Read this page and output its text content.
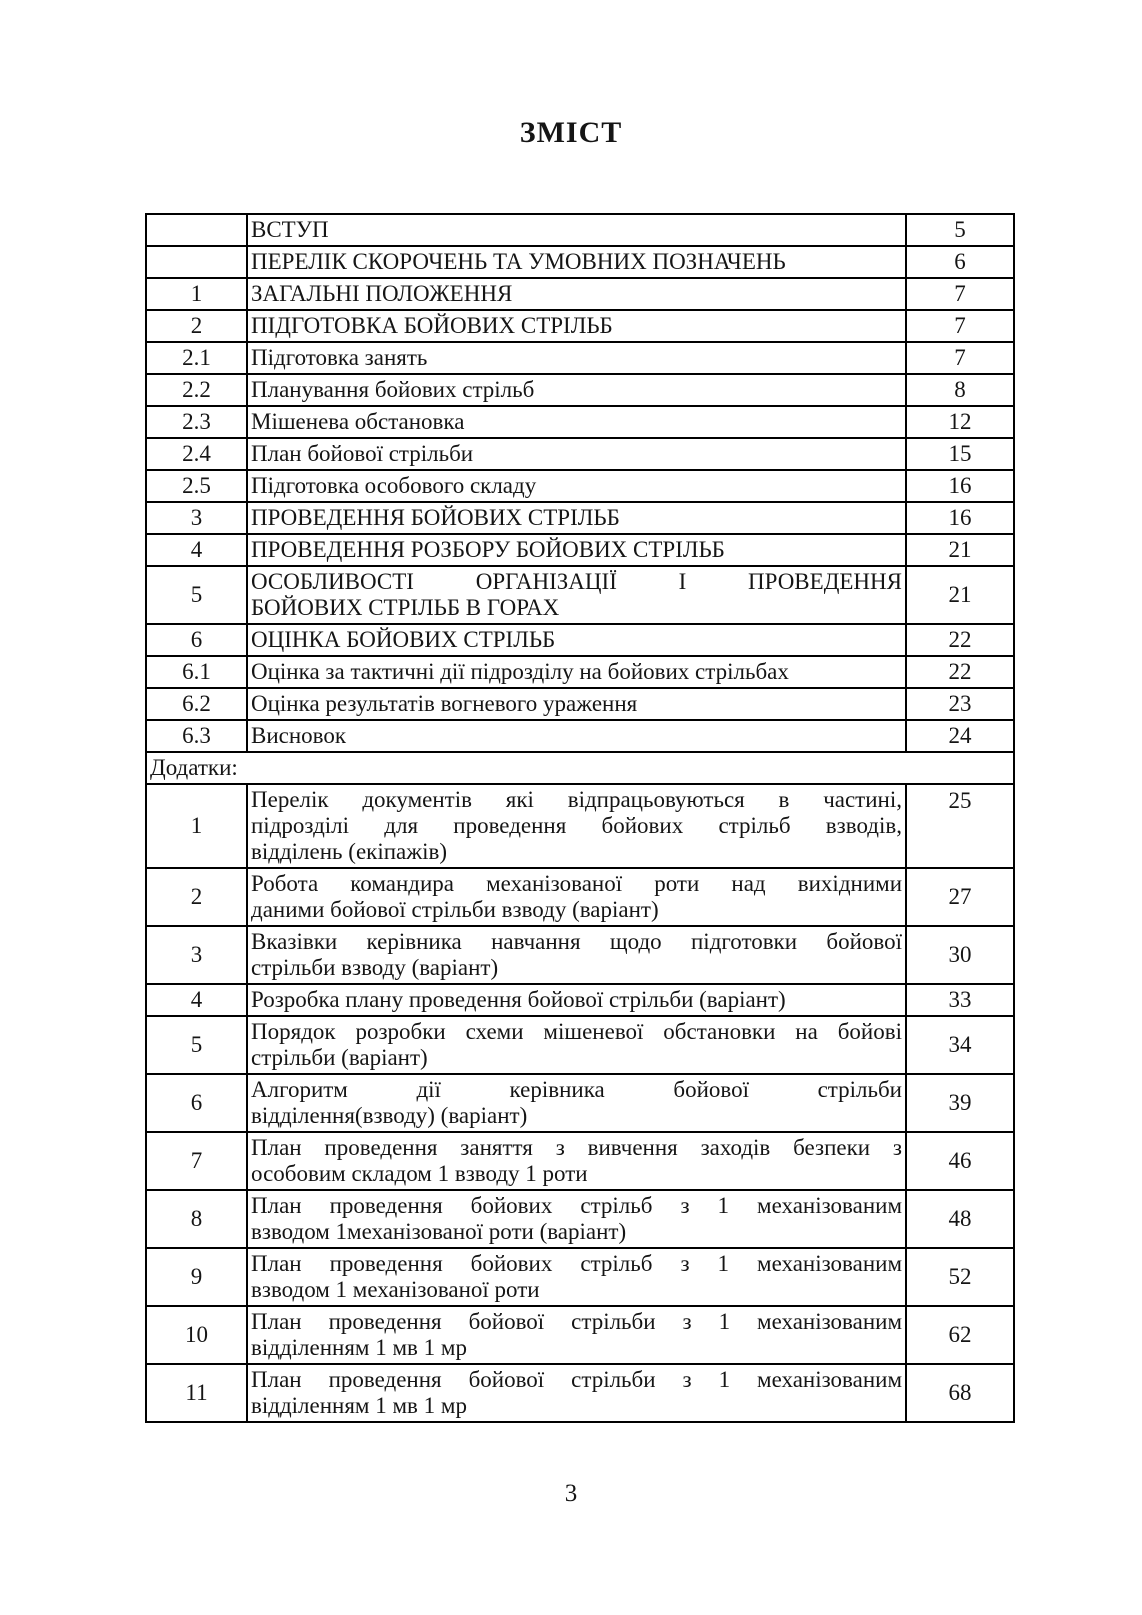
ЗМІСТ

	ВСТУП	5

	ПЕРЕЛІК СКОРОЧЕНЬ ТА УМОВНИХ ПОЗНАЧЕНЬ	6
1	ЗАГАЛЬНІ ПОЛОЖЕННЯ	7
2	ПІДГОТОВКА БОЙОВИХ СТРІЛЬБ	7
2.1	Підготовка занять	7
2.2	Планування бойових стрільб	8
2.3	Мішенева обстановка	12
2.4	План бойової стрільби	15
2.5	Підготовка особового складу	16
3	ПРОВЕДЕННЯ БОЙОВИХ СТРІЛЬБ	16
4	ПРОВЕДЕННЯ РОЗБОРУ БОЙОВИХ СТРІЛЬБ	21
5	ОСОБЛИВОСТІ ОРГАНІЗАЦІЇ І ПРОВЕДЕННЯ
БОЙОВИХ СТРІЛЬБ В ГОРАХ	21
6	ОЦІНКА БОЙОВИХ СТРІЛЬБ	22
6.1	Оцінка за тактичні дії підрозділу на бойових стрільбах	22
6.2	Оцінка результатів вогневого ураження	23
6.3	Висновок	24
Додатки:		
1	Перелік документів які відпрацьовуються в частині,
підрозділі для проведення бойових стрільб взводів,
відділень (екіпажів)	25
2	Робота командира механізованої роти над вихідними
даними бойової стрільби взводу (варіант)	27
3	Вказівки керівника навчання щодо підготовки бойової
стрільби взводу (варіант)	30
4	Розробка плану проведення бойової стрільби (варіант)	33
5	Порядок розробки схеми мішеневої обстановки на бойові
стрільби (варіант)	34
6	Алгоритм дії керівника бойової стрільби
відділення(взводу) (варіант)	39
7	План проведення заняття з вивчення заходів безпеки з
особовим складом 1 взводу 1 роти	46
8	План проведення бойових стрільб з 1 механізованим
взводом 1механізованої роти (варіант)	48
9	План проведення бойових стрільб з 1 механізованим
взводом 1 механізованої роти	52
10	План проведення бойової стрільби з 1 механізованим
відділенням 1 мв 1 мр	62
11	План проведення бойової стрільби з 1 механізованим
відділенням 1 мв 1 мр	68
3
